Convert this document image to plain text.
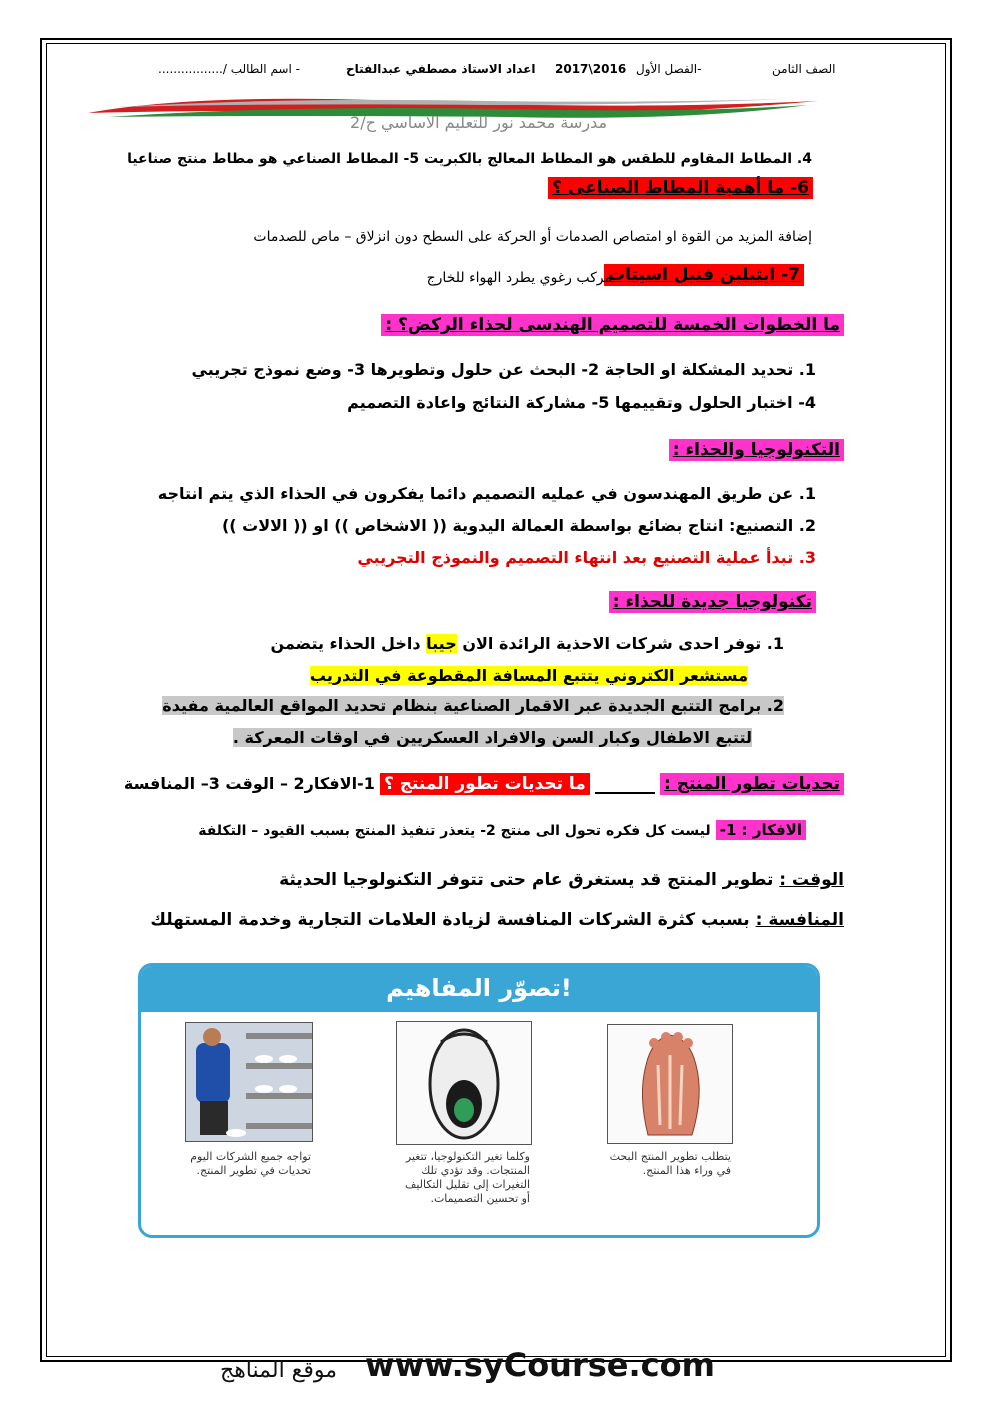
الصف الثامن
الفصل الأول-
2017\2016
اعداد الاستاذ مصطفي عبدالفتاح
- اسم الطالب /.................
مدرسة محمد نور للتعليم الاساسي ح/2
4. المطاط المقاوم للطقس هو المطاط المعالج بالكبريت 5- المطاط الصناعي هو مطاط منتج صناعيا
6- ما أهمية المطاط الصناعى ؟
إضافة المزيد من القوة او امتصاص الصدمات أو الحركة على السطح دون انزلاق – ماص للصدمات
7- ايثيلين فنيل اسيتات
مركب رغوي يطرد الهواء للخارج
ما الخطوات الخمسة للتصميم الهندسى لحذاء الركض؟ :
1. تحديد المشكلة او الحاجة 2- البحث عن حلول وتطويرها 3- وضع نموذج تجريبي
4- اختبار الحلول وتقييمها 5- مشاركة النتائج واعادة التصميم
التكنولوجيا والحذاء :
1. عن طريق المهندسون في عمليه التصميم دائما يفكرون في الحذاء الذي يتم انتاجه
2. التصنيع: انتاج بضائع بواسطة العمالة اليدوية (( الاشخاص )) او (( الالات ))
3. تبدأ عملية التصنيع بعد انتهاء التصميم والنموذج التجريبي
تكنولوجيا جديدة للحذاء :
1. توفر احدى شركات الاحذية الرائدة الان جيبا داخل الحذاء يتضمن
مستشعر الكتروني يتتبع المسافة المقطوعة في التدريب
2. برامج التتبع الجديدة عبر الاقمار الصناعية بنظام تحديد المواقع العالمية مفيدة
لتتبع الاطفال وكبار السن والافراد العسكريين في اوقات المعركة .
تحديات تطور المنتج :  ما تحديات تطور المنتج ؟ 1-الافكار2 – الوقت 3– المنافسة
الافكار : 1- ليست كل فكره تحول الى منتج 2- يتعذر تنفيذ المنتج بسبب القيود – التكلفة
الوقت : تطوير المنتج قد يستغرق عام حتى تتوفر التكنولوجيا الحديثة
المنافسة : بسبب كثرة الشركات المنافسة لزيادة العلامات التجارية وخدمة المستهلك
تصوّر المفاهيم!
يتطلب تطوير المنتج البحث في وراء هذا المنتج.
وكلما تغير التكنولوجيا، تتغير المنتجات. وقد تؤدي تلك التغيرات إلى تقليل التكاليف أو تحسين التصميمات.
تواجه جميع الشركات اليوم تحديات في تطوير المنتج.
www.syCourse.com
موقع المناهج
